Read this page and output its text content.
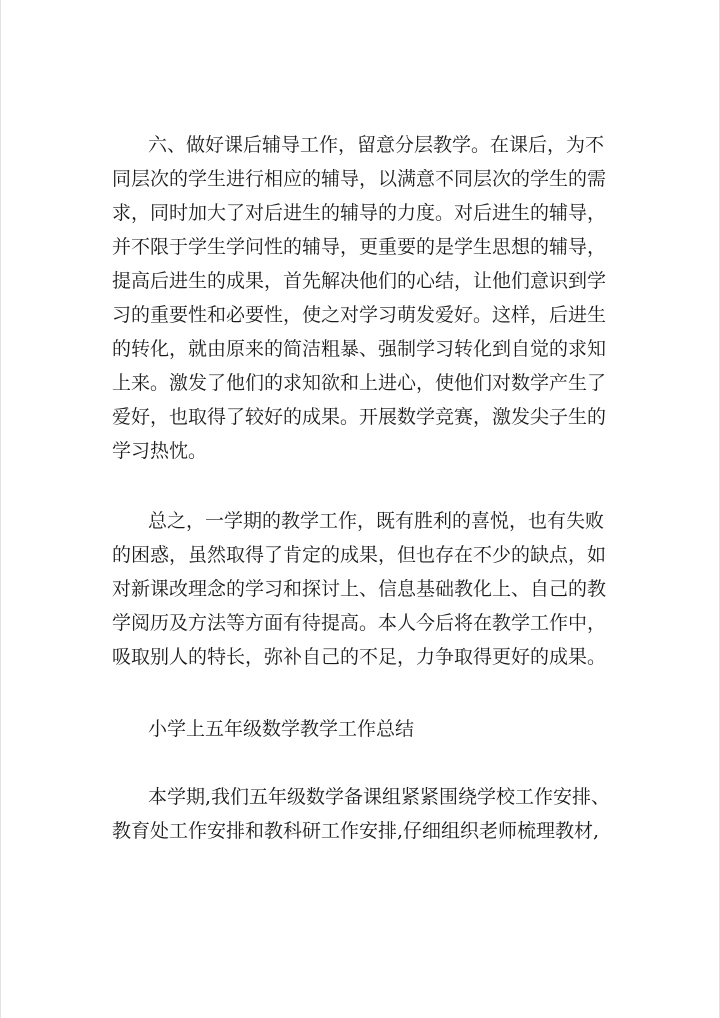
六、做好课后辅导工作，留意分层教学。在课后，为不
同层次的学生进行相应的辅导，以满意不同层次的学生的需
求，同时加大了对后进生的辅导的力度。对后进生的辅导，
并不限于学生学问性的辅导，更重要的是学生思想的辅导，
提高后进生的成果，首先解决他们的心结，让他们意识到学
习的重要性和必要性，使之对学习萌发爱好。这样，后进生
的转化，就由原来的简洁粗暴、强制学习转化到自觉的求知
上来。激发了他们的求知欲和上进心，使他们对数学产生了
爱好，也取得了较好的成果。开展数学竞赛，激发尖子生的
学习热忱。
总之，一学期的教学工作，既有胜利的喜悦，也有失败
的困惑，虽然取得了肯定的成果，但也存在不少的缺点，如
对新课改理念的学习和探讨上、信息基础教化上、自己的教
学阅历及方法等方面有待提高。本人今后将在教学工作中，
吸取别人的特长，弥补自己的不足，力争取得更好的成果。

小学上五年级数学教学工作总结

本学期,我们五年级数学备课组紧紧围绕学校工作安排、
教育处工作安排和教科研工作安排,仔细组织老师梳理教材,
